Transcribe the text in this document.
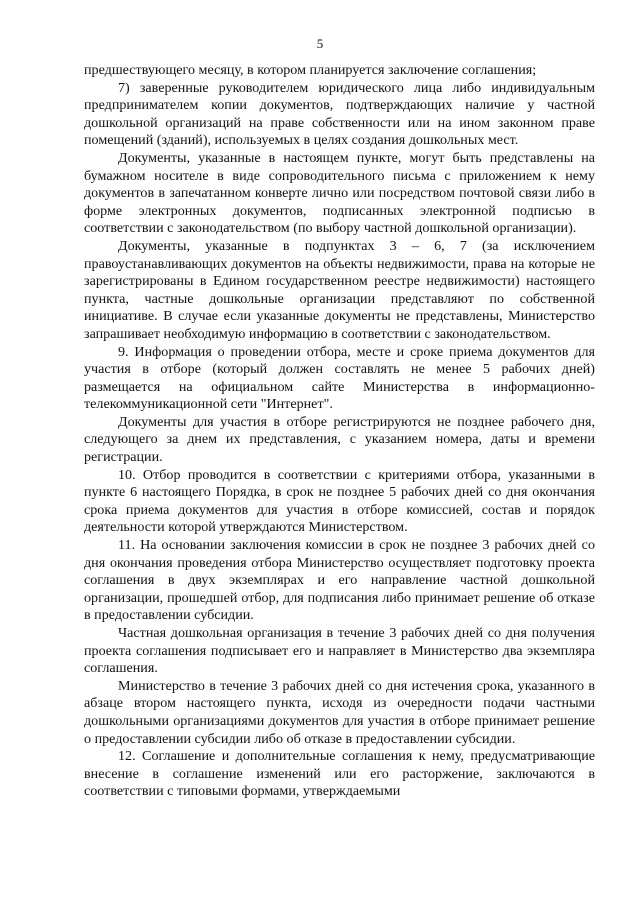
5

предшествующего месяцу, в котором планируется заключение соглашения;

7) заверенные руководителем юридического лица либо индивидуальным предпринимателем копии документов, подтверждающих наличие у частной дошкольной организаций на праве собственности или на ином законном праве помещений (зданий), используемых в целях создания дошкольных мест.

Документы, указанные в настоящем пункте, могут быть представлены на бумажном носителе в виде сопроводительного письма с приложением к нему документов в запечатанном конверте лично или посредством почтовой связи либо в форме электронных документов, подписанных электронной подписью в соответствии с законодательством (по выбору частной дошкольной организации).

Документы, указанные в подпунктах 3 – 6, 7 (за исключением правоустанавливающих документов на объекты недвижимости, права на которые не зарегистрированы в Едином государственном реестре недвижимости) настоящего пункта, частные дошкольные организации представляют по собственной инициативе. В случае если указанные документы не представлены, Министерство запрашивает необходимую информацию в соответствии с законодательством.

9. Информация о проведении отбора, месте и сроке приема документов для участия в отборе (который должен составлять не менее 5 рабочих дней) размещается на официальном сайте Министерства в информационно-телекоммуникационной сети "Интернет".

Документы для участия в отборе регистрируются не позднее рабочего дня, следующего за днем их представления, с указанием номера, даты и времени регистрации.

10. Отбор проводится в соответствии с критериями отбора, указанными в пункте 6 настоящего Порядка, в срок не позднее 5 рабочих дней со дня окончания срока приема документов для участия в отборе комиссией, состав и порядок деятельности которой утверждаются Министерством.

11. На основании заключения комиссии в срок не позднее 3 рабочих дней со дня окончания проведения отбора Министерство осуществляет подготовку проекта соглашения в двух экземплярах и его направление частной дошкольной организации, прошедшей отбор, для подписания либо принимает решение об отказе в предоставлении субсидии.

Частная дошкольная организация в течение 3 рабочих дней со дня получения проекта соглашения подписывает его и направляет в Министерство два экземпляра соглашения.

Министерство в течение 3 рабочих дней со дня истечения срока, указанного в абзаце втором настоящего пункта, исходя из очередности подачи частными дошкольными организациями документов для участия в отборе принимает решение о предоставлении субсидии либо об отказе в предоставлении субсидии.

12. Соглашение и дополнительные соглашения к нему, предусматривающие внесение в соглашение изменений или его расторжение, заключаются в соответствии с типовыми формами, утверждаемыми
